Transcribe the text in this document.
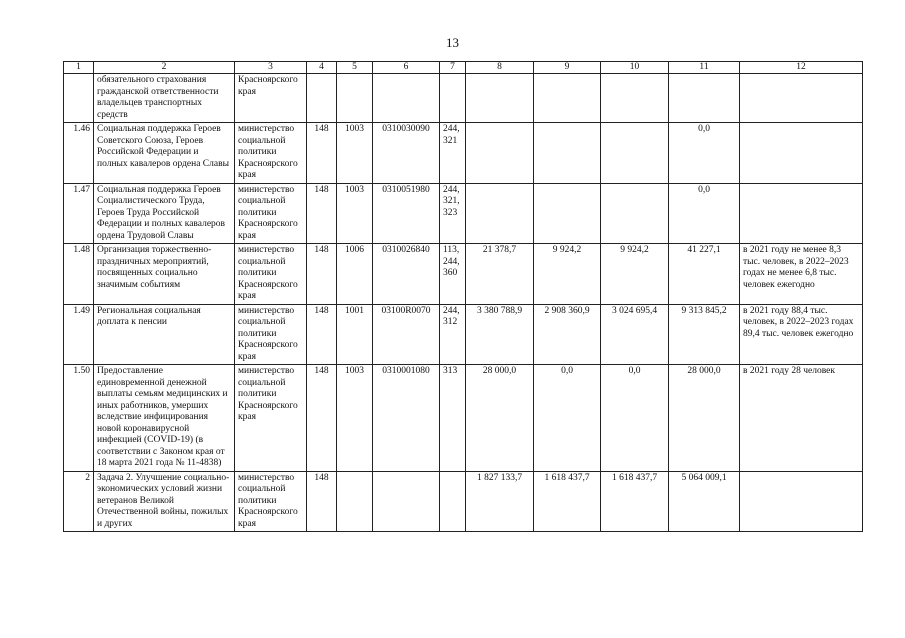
13
1	2	3	4	5	6	7	8	9	10	11	12
	обязательного страхования гражданской ответственности владельцев транспортных средств	Красноярского края									
1.46	Социальная поддержка Героев Советского Союза, Героев Российской Федерации и полных кавалеров ордена Славы	министерство социальной политики Красноярского края	148	1003	0310030090	244, 321				0,0	
1.47	Социальная поддержка Героев Социалистического Труда, Героев Труда Российской Федерации и полных кавалеров ордена Трудовой Славы	министерство социальной политики Красноярского края	148	1003	0310051980	244, 321, 323				0,0	
1.48	Организация торжественно-праздничных мероприятий, посвященных социально значимым событиям	министерство социальной политики Красноярского края	148	1006	0310026840	113, 244, 360	21 378,7	9 924,2	9 924,2	41 227,1	в 2021 году не менее 8,3 тыс. человек, в 2022–2023 годах не менее 6,8 тыс. человек ежегодно
1.49	Региональная социальная доплата к пенсии	министерство социальной политики Красноярского края	148	1001	03100R0070	244, 312	3 380 788,9	2 908 360,9	3 024 695,4	9 313 845,2	в 2021 году 88,4 тыс. человек, в 2022–2023 годах 89,4 тыс. человек ежегодно
1.50	Предоставление единовременной денежной выплаты семьям медицинских и иных работников, умерших вследствие инфицирования новой коронавирусной инфекцией (COVID-19) (в соответствии с Законом края от 18 марта 2021 года № 11-4838)	министерство социальной политики Красноярского края	148	1003	0310001080	313	28 000,0	0,0	0,0	28 000,0	в 2021 году 28 человек
2	Задача 2. Улучшение социально-экономических условий жизни ветеранов Великой Отечественной войны, пожилых и других	министерство социальной политики Красноярского края	148				1 827 133,7	1 618 437,7	1 618 437,7	5 064 009,1	
